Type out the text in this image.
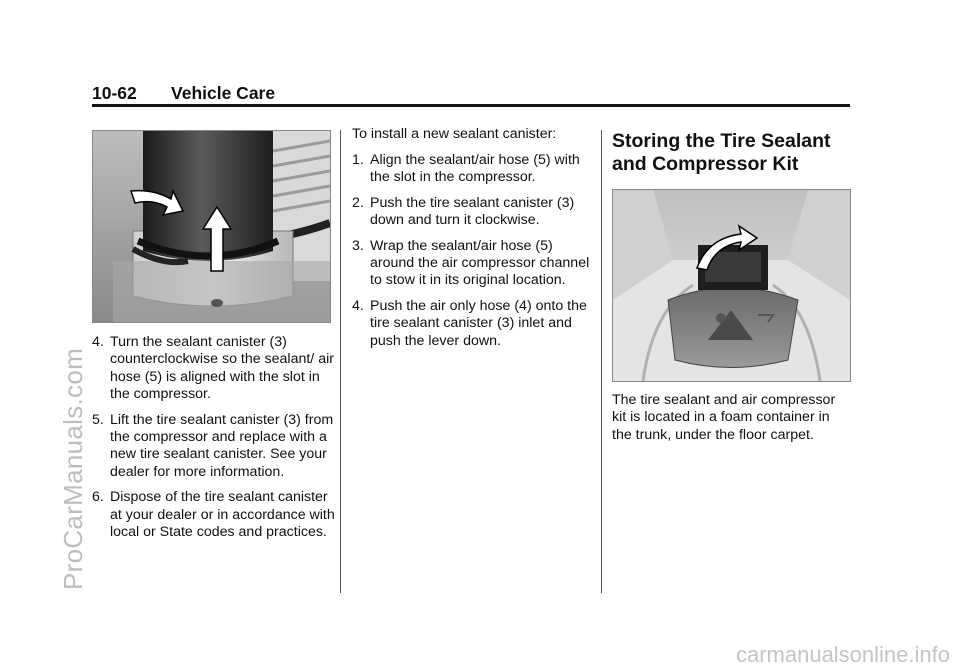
10-62 Vehicle Care
ProCarManuals.com
carmanualsonline.info
4. Turn the sealant canister (3) counterclockwise so the sealant/ air hose (5) is aligned with the slot in the compressor.
5. Lift the tire sealant canister (3) from the compressor and replace with a new tire sealant canister. See your dealer for more information.
6. Dispose of the tire sealant canister at your dealer or in accordance with local or State codes and practices.

To install a new sealant canister:

1. Align the sealant/air hose (5) with the slot in the compressor.
2. Push the tire sealant canister (3) down and turn it clockwise.
3. Wrap the sealant/air hose (5) around the air compressor channel to stow it in its original location.
4. Push the air only hose (4) onto the tire sealant canister (3) inlet and push the lever down.
Storing the Tire Sealant and Compressor Kit

The tire sealant and air compressor kit is located in a foam container in the trunk, under the floor carpet.
